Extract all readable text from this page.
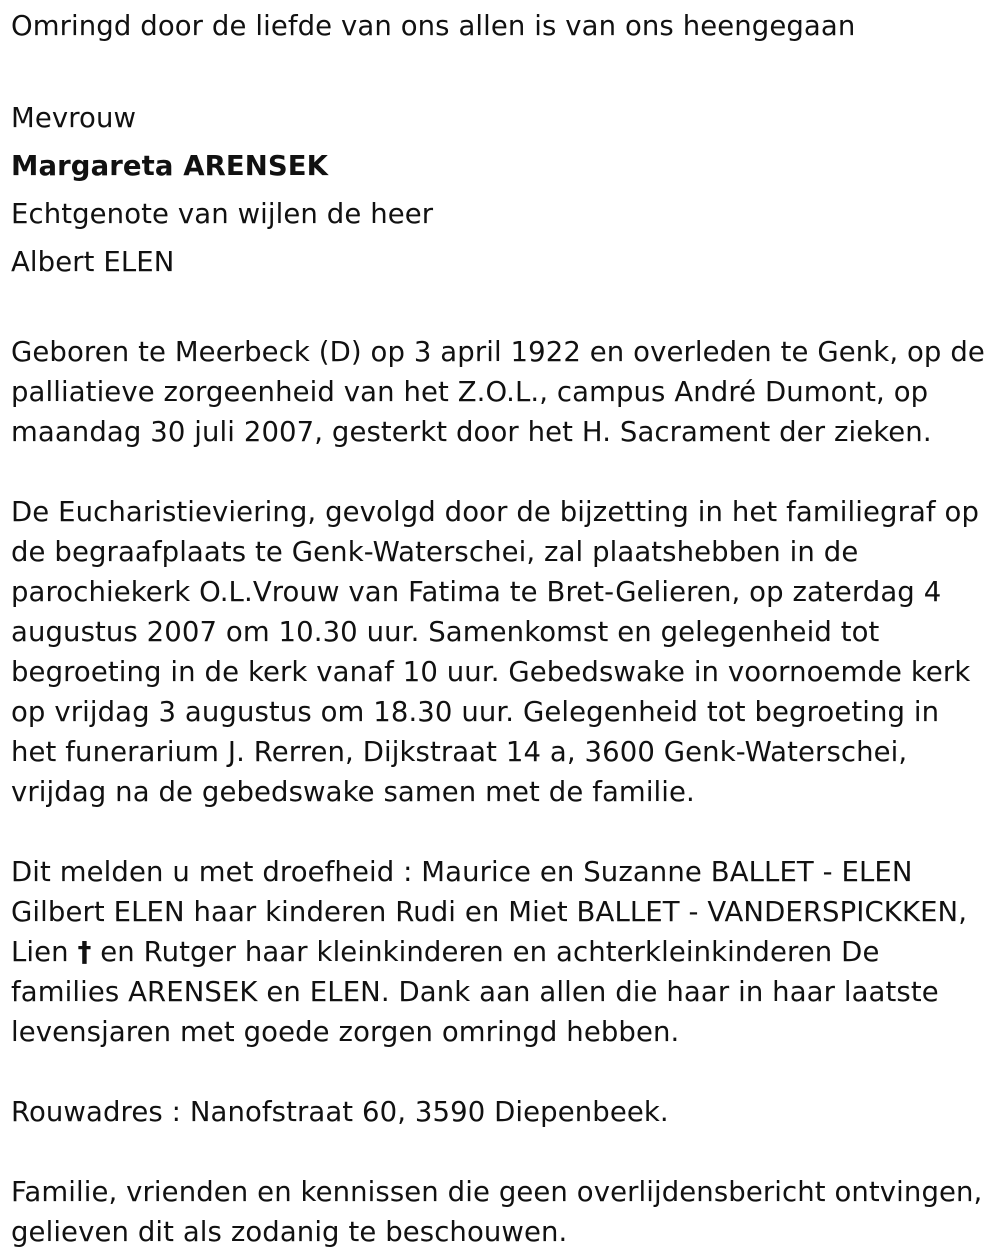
Omringd door de liefde van ons allen is van ons heengegaan

Mevrouw

Margareta ARENSEK

Echtgenote van wijlen de heer

Albert ELEN

Geboren te Meerbeck (D) op 3 april 1922 en overleden te Genk, op de palliatieve zorgeenheid van het Z.O.L., campus André Dumont, op maandag 30 juli 2007, gesterkt door het H. Sacrament der zieken.

De Eucharistieviering, gevolgd door de bijzetting in het familiegraf op de begraafplaats te Genk-Waterschei, zal plaatshebben in de parochiekerk O.L.Vrouw van Fatima te Bret-Gelieren, op zaterdag 4 augustus 2007 om 10.30 uur. Samenkomst en gelegenheid tot begroeting in de kerk vanaf 10 uur. Gebedswake in voornoemde kerk op vrijdag 3 augustus om 18.30 uur. Gelegenheid tot begroeting in het funerarium J. Rerren, Dijkstraat 14 a, 3600 Genk-Waterschei, vrijdag na de gebedswake samen met de familie.

Dit melden u met droefheid : Maurice en Suzanne BALLET - ELEN Gilbert ELEN haar kinderen Rudi en Miet BALLET - VANDERSPICKKEN, Lien † en Rutger haar kleinkinderen en achterkleinkinderen De families ARENSEK en ELEN. Dank aan allen die haar in haar laatste levensjaren met goede zorgen omringd hebben.

Rouwadres : Nanofstraat 60, 3590 Diepenbeek.

Familie, vrienden en kennissen die geen overlijdensbericht ontvingen, gelieven dit als zodanig te beschouwen.
